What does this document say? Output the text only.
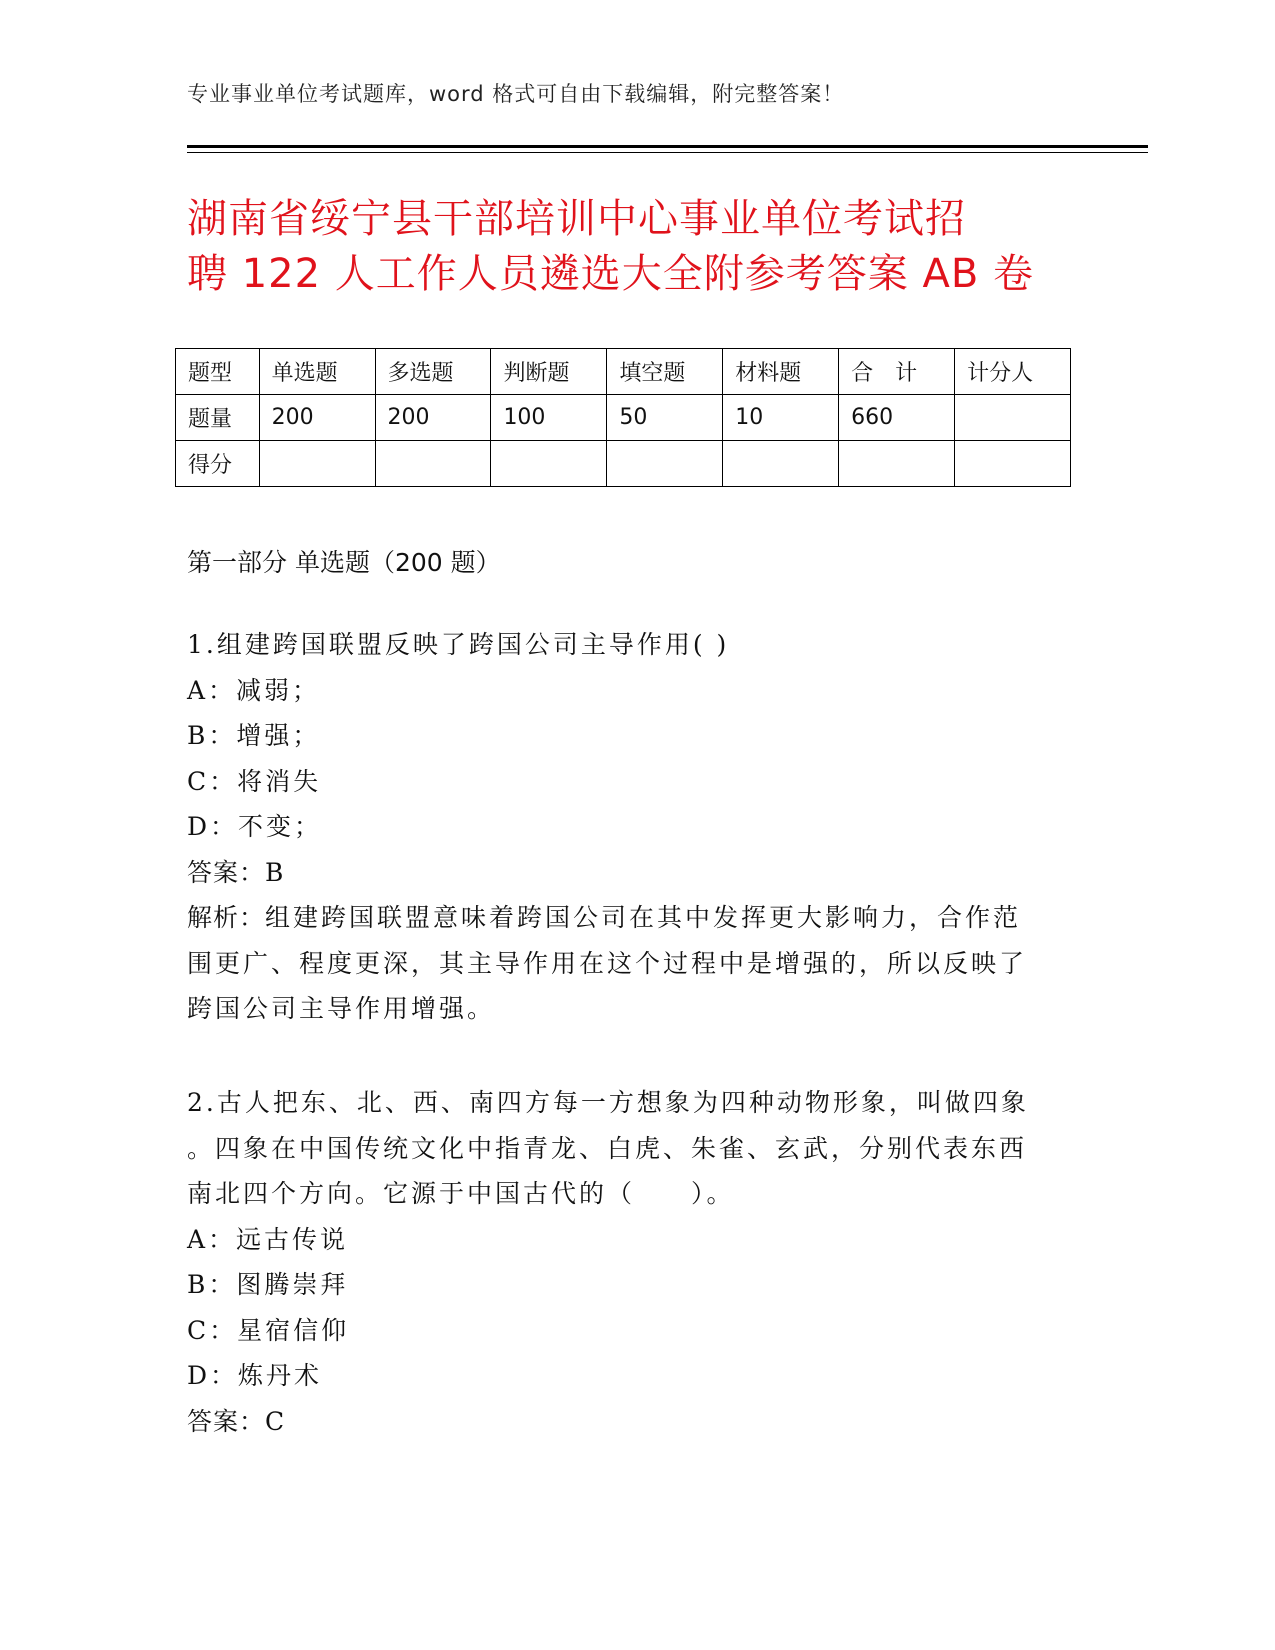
专业事业单位考试题库，word 格式可自由下载编辑，附完整答案！
湖南省绥宁县干部培训中心事业单位考试招
聘 122 人工作人员遴选大全附参考答案 AB 卷
题型	单选题	多选题	判断题	填空题	材料题	合　计	计分人
题量	200	200	100	50	10	660	
得分							
第一部分 单选题（200 题）
1.组建跨国联盟反映了跨国公司主导作用( )
A：减弱；
B：增强；
C：将消失
D：不变；
答案：B
解析：组建跨国联盟意味着跨国公司在其中发挥更大影响力，合作范
围更广、程度更深，其主导作用在这个过程中是增强的，所以反映了
跨国公司主导作用增强。
2.古人把东、北、西、南四方每一方想象为四种动物形象，叫做四象
。四象在中国传统文化中指青龙、白虎、朱雀、玄武，分别代表东西
南北四个方向。它源于中国古代的（　　）。
A：远古传说
B：图腾崇拜
C：星宿信仰
D：炼丹术
答案：C
